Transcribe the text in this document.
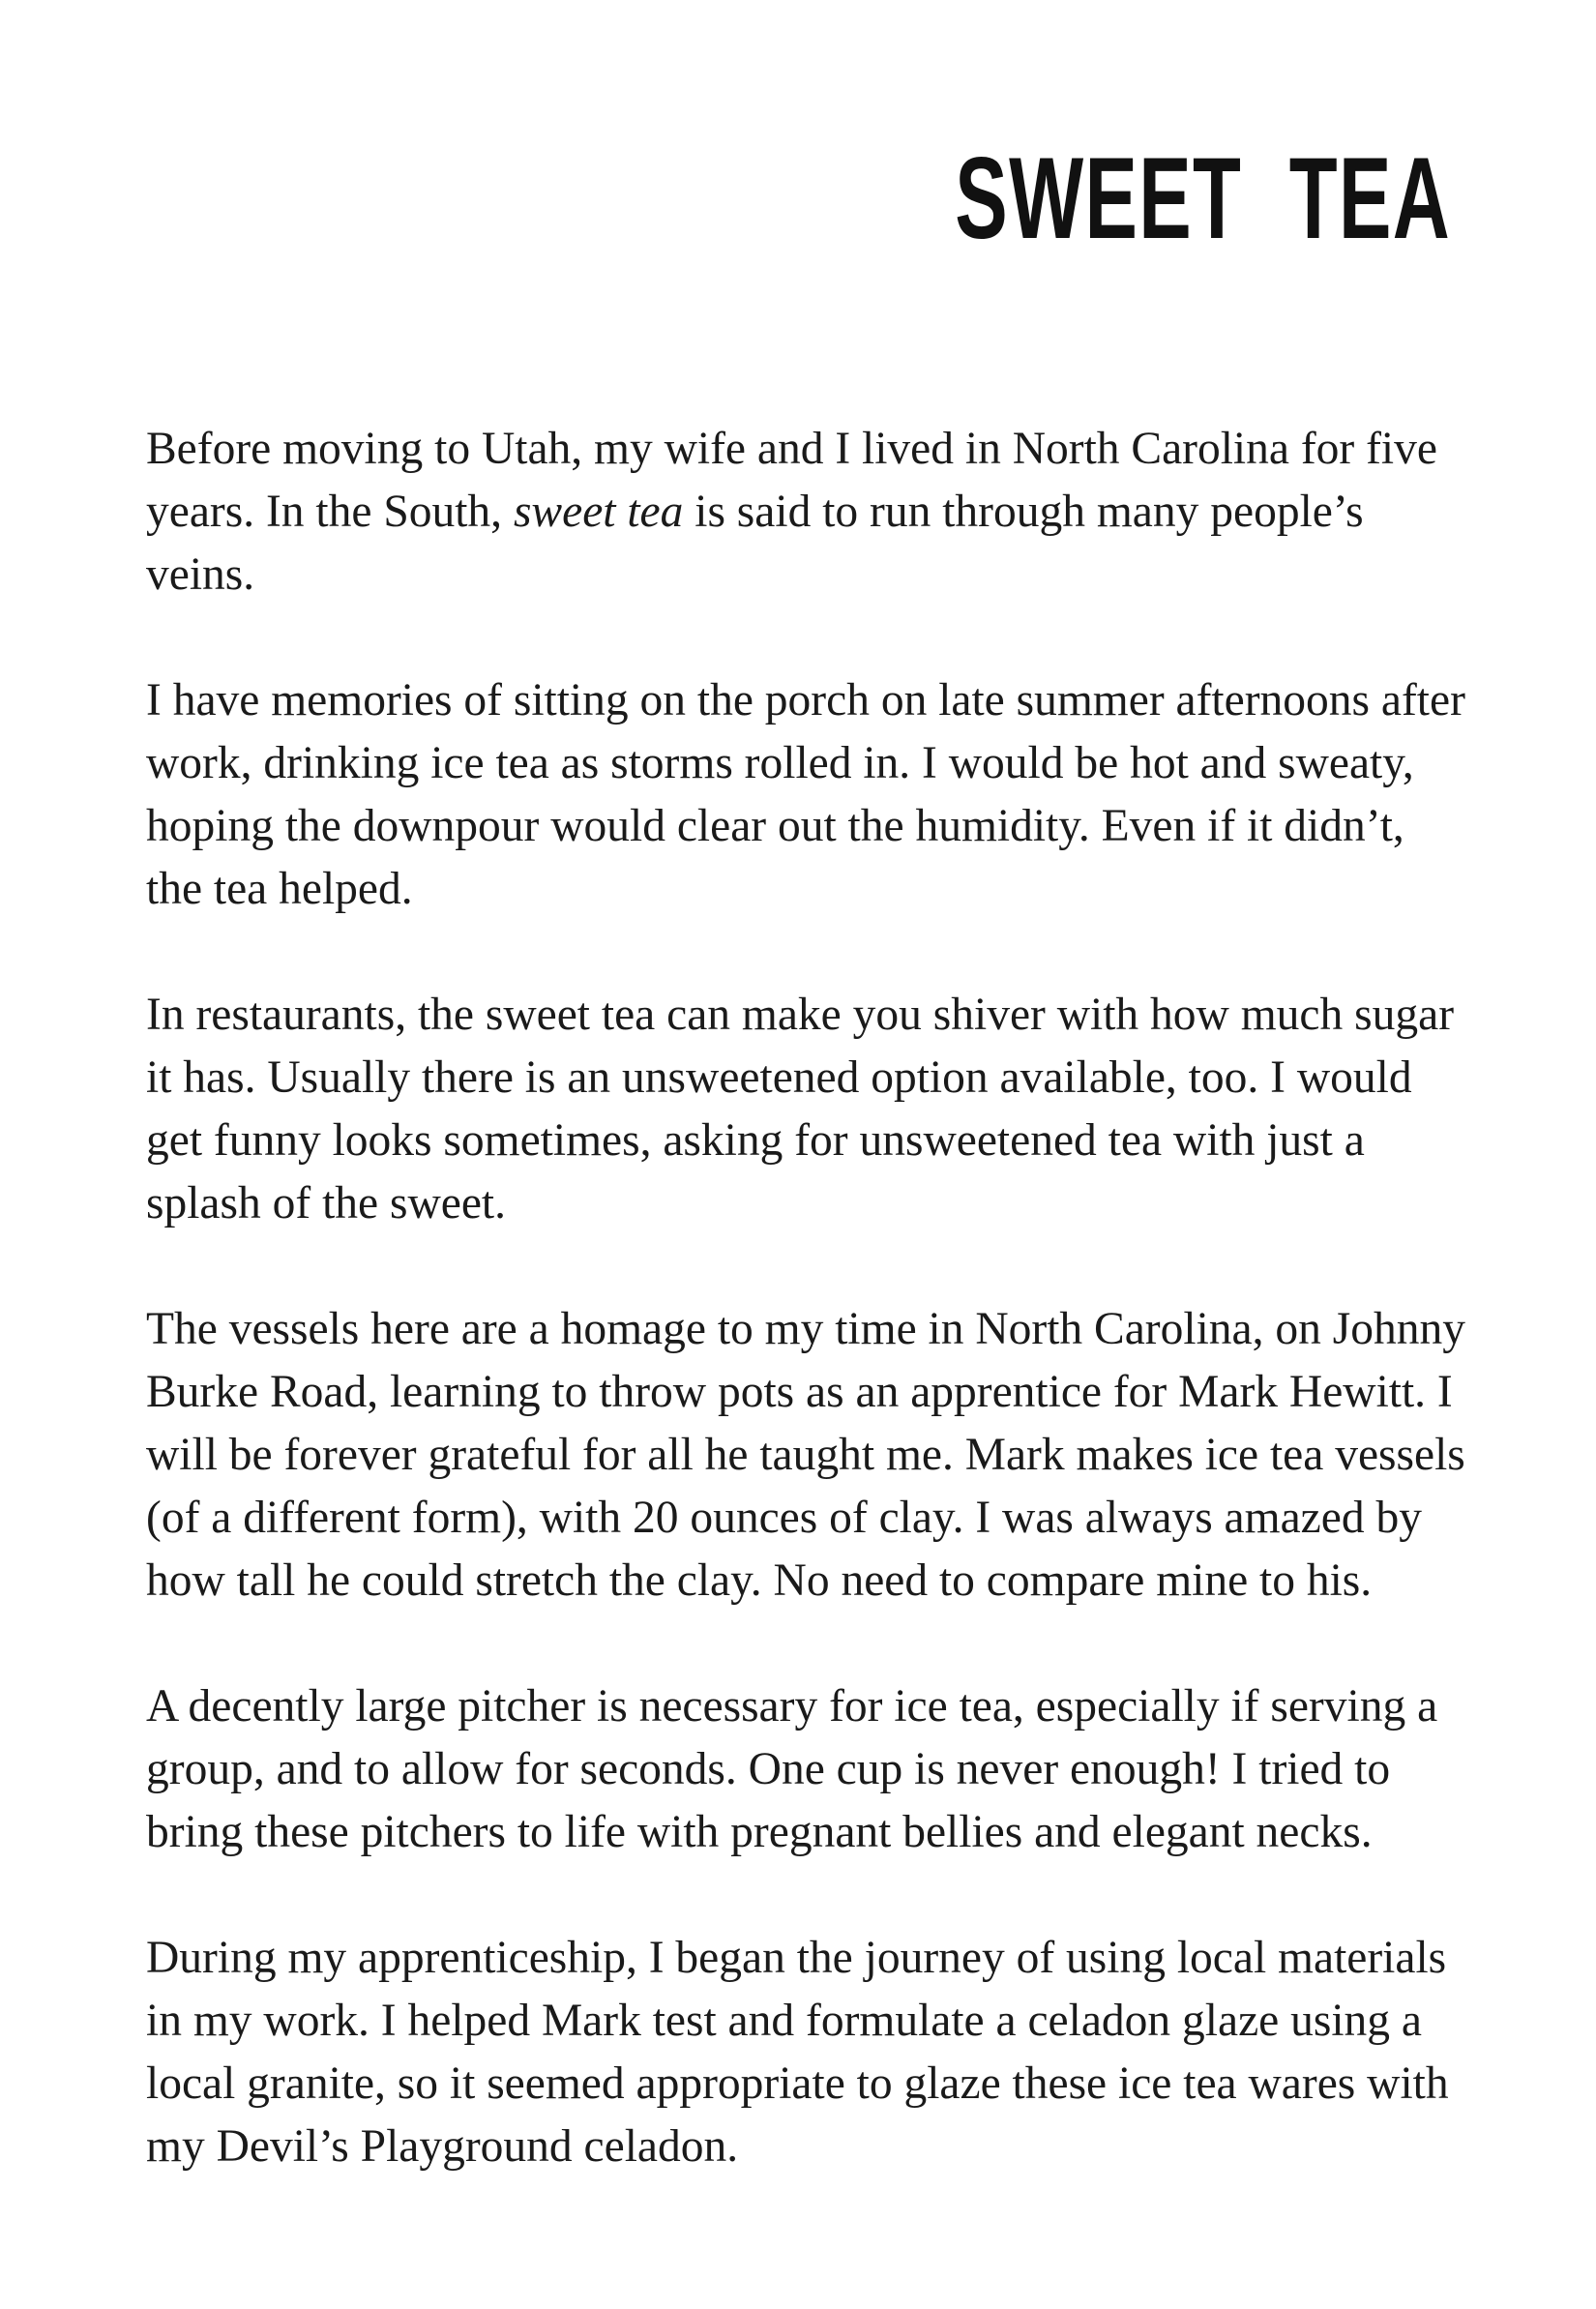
SWEET TEA

Before moving to Utah, my wife and I lived in North Carolina for five years. In the South, sweet tea is said to run through many people’s veins.

I have memories of sitting on the porch on late summer afternoons after work, drinking ice tea as storms rolled in. I would be hot and sweaty, hoping the downpour would clear out the humidity. Even if it didn’t, the tea helped.

In restaurants, the sweet tea can make you shiver with how much sugar it has. Usually there is an unsweetened option available, too. I would get funny looks sometimes, asking for unsweetened tea with just a splash of the sweet.

The vessels here are a homage to my time in North Carolina, on Johnny Burke Road, learning to throw pots as an apprentice for Mark Hewitt. I will be forever grateful for all he taught me. Mark makes ice tea vessels (of a different form), with 20 ounces of clay. I was always amazed by how tall he could stretch the clay. No need to compare mine to his.

A decently large pitcher is necessary for ice tea, especially if serving a group, and to allow for seconds. One cup is never enough! I tried to bring these pitchers to life with pregnant bellies and elegant necks.

During my apprenticeship, I began the journey of using local materials in my work. I helped Mark test and formulate a celadon glaze using a local granite, so it seemed appropriate to glaze these ice tea wares with my Devil’s Playground celadon.
